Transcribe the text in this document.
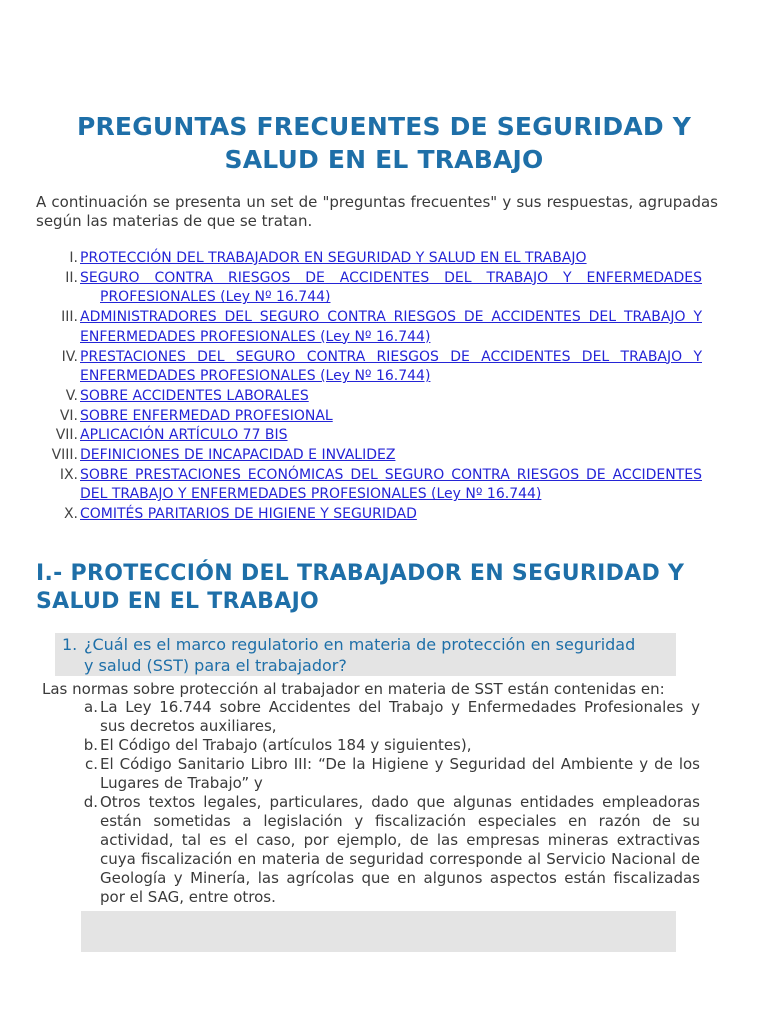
PREGUNTAS FRECUENTES DE SEGURIDAD Y
SALUD EN EL TRABAJO

A continuación se presenta un set de "preguntas frecuentes" y sus respuestas, agrupadas según las materias de que se tratan.

I. PROTECCIÓN DEL TRABAJADOR EN SEGURIDAD Y SALUD EN EL TRABAJO
II. SEGURO CONTRA RIESGOS DE ACCIDENTES DEL TRABAJO Y ENFERMEDADES PROFESIONALES (Ley Nº 16.744)
III. ADMINISTRADORES DEL SEGURO CONTRA RIESGOS DE ACCIDENTES DEL TRABAJO Y ENFERMEDADES PROFESIONALES (Ley Nº 16.744)
IV. PRESTACIONES DEL SEGURO CONTRA RIESGOS DE ACCIDENTES DEL TRABAJO Y ENFERMEDADES PROFESIONALES (Ley Nº 16.744)
V. SOBRE ACCIDENTES LABORALES
VI. SOBRE ENFERMEDAD PROFESIONAL
VII. APLICACIÓN ARTÍCULO 77 BIS
VIII. DEFINICIONES DE INCAPACIDAD E INVALIDEZ
IX. SOBRE PRESTACIONES ECONÓMICAS DEL SEGURO CONTRA RIESGOS DE ACCIDENTES DEL TRABAJO Y ENFERMEDADES PROFESIONALES (Ley Nº 16.744)
X. COMITÉS PARITARIOS DE HIGIENE Y SEGURIDAD
I.- PROTECCIÓN DEL TRABAJADOR EN SEGURIDAD Y
SALUD EN EL TRABAJO

1. ¿Cuál es el marco regulatorio en materia de protección en seguridad
y salud (SST) para el trabajador?

Las normas sobre protección al trabajador en materia de SST están contenidas en:

a. La Ley 16.744 sobre Accidentes del Trabajo y Enfermedades Profesionales y sus decretos auxiliares,
b. El Código del Trabajo (artículos 184 y siguientes),
c. El Código Sanitario Libro III: “De la Higiene y Seguridad del Ambiente y de los Lugares de Trabajo” y
d. Otros textos legales, particulares, dado que algunas entidades empleadoras están sometidas a legislación y fiscalización especiales en razón de su actividad, tal es el caso, por ejemplo, de las empresas mineras extractivas cuya fiscalización en materia de seguridad corresponde al Servicio Nacional de Geología y Minería, las agrícolas que en algunos aspectos están fiscalizadas por el SAG, entre otros.
